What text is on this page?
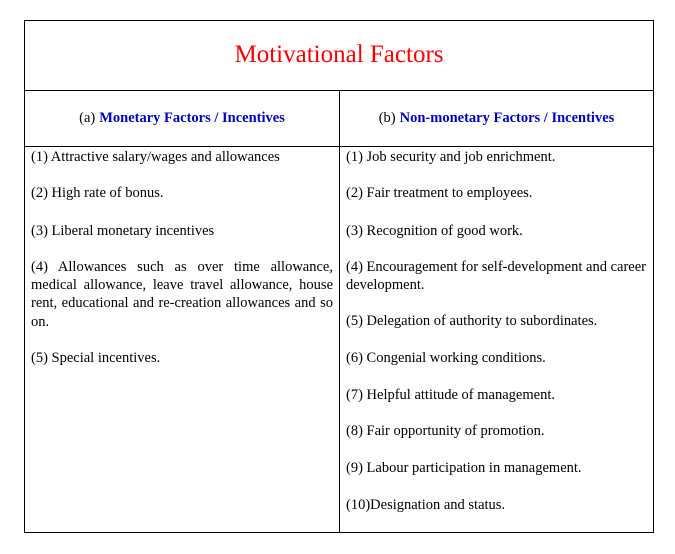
Motivational Factors
(a) Monetary Factors / Incentives	(b) Non-monetary Factors / Incentives
(1) Attractive salary/wages and allowances
(2) High rate of bonus.
(3) Liberal monetary incentives
(4) Allowances such as over time allowance, medical allowance, leave travel allowance, house rent, educational and re-creation allowances and so on.
(5) Special incentives.
(1) Job security and job enrichment.
(2) Fair treatment to employees.
(3) Recognition of good work.
(4) Encouragement for self-development and career development.
(5) Delegation of authority to subordinates.
(6) Congenial working conditions.
(7) Helpful attitude of management.
(8) Fair opportunity of promotion.
(9) Labour participation in management.
(10)Designation and status.
